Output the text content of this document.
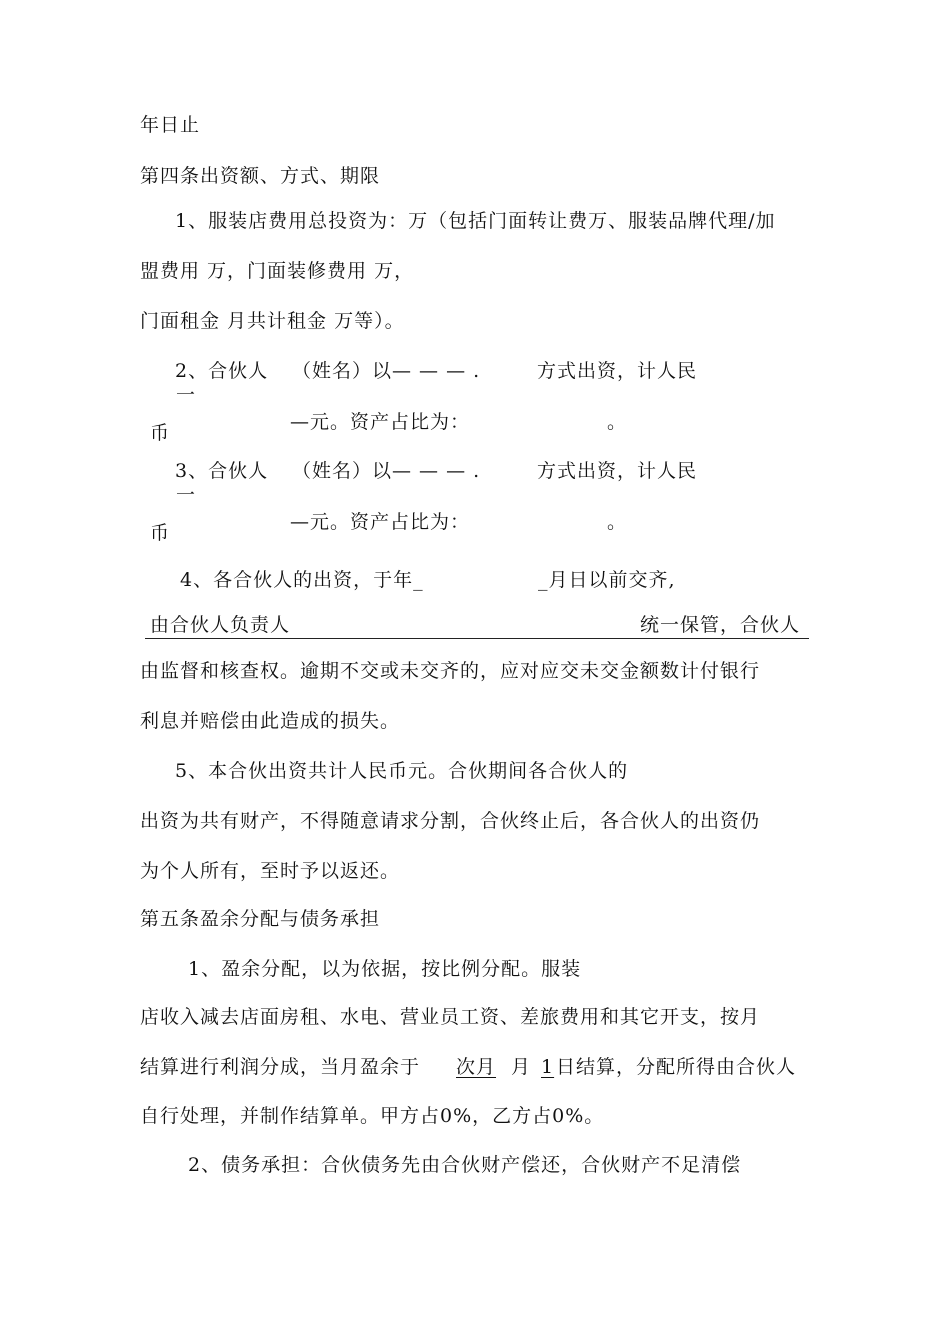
年日止
第四条出资额、方式、期限
1、服装店费用总投资为：万（包括门面转让费万、服装品牌代理/加
盟费用 万，门面装修费用 万，
门面租金 月共计租金 万等）。
2、合伙人 （姓名）以— — — .	方式出资，计人民
一
币	—元。资产占比为：	。
3、合伙人 （姓名）以— — — .	方式出资，计人民
一
币	—元。资产占比为：	。
4、各合伙人的出资，于年_	_月日以前交齐,
由合伙人负责人	统一保管，合伙人
由监督和核查权。逾期不交或未交齐的，应对应交未交金额数计付银行
利息并赔偿由此造成的损失。
5、本合伙出资共计人民币元。合伙期间各合伙人的
出资为共有财产，不得随意请求分割，合伙终止后，各合伙人的出资仍
为个人所有，至时予以返还。
第五条盈余分配与债务承担
1、盈余分配，以为依据，按比例分配。服装
店收入减去店面房租、水电、营业员工资、差旅费用和其它开支，按月
结算进行利润分成，当月盈余于 次月 月 1 日结算，分配所得由合伙人
自行处理，并制作结算单。甲方占0%，乙方占0%。
2、债务承担：合伙债务先由合伙财产偿还，合伙财产不足清偿
